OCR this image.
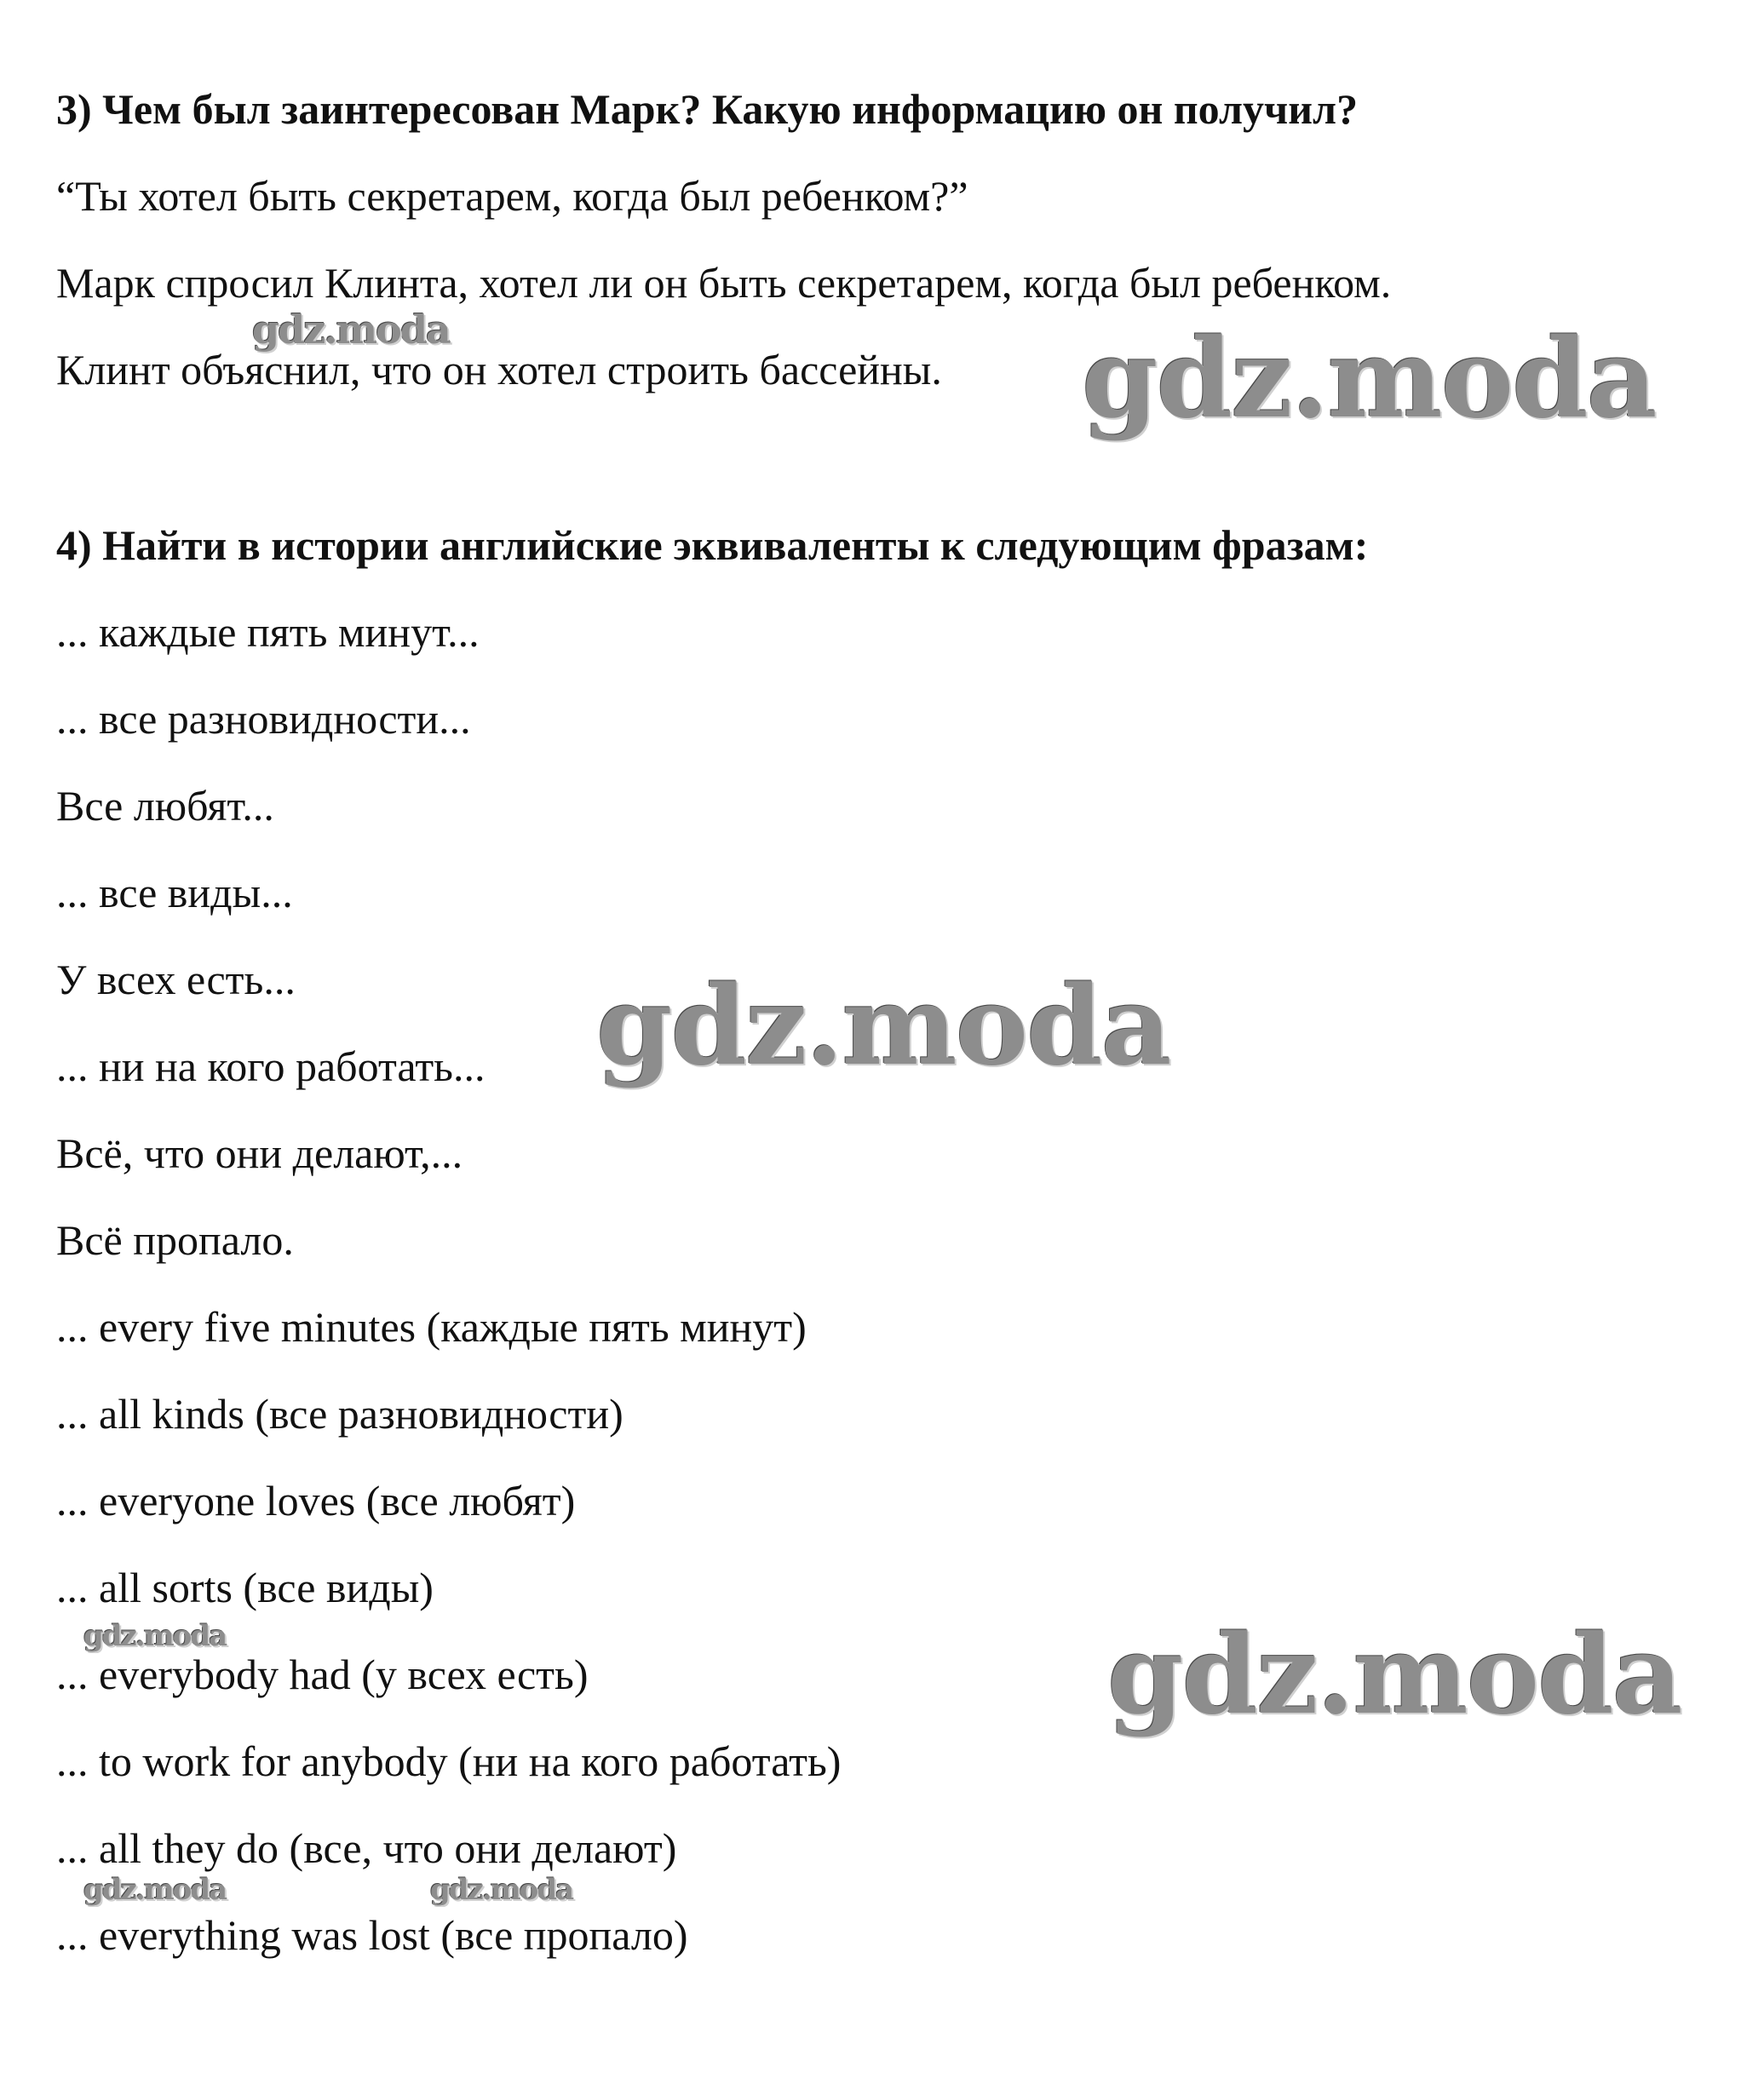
3) Чем был заинтересован Марк? Какую информацию он получил?
“Ты хотел быть секретарем, когда был ребенком?”
Марк спросил Клинта, хотел ли он быть секретарем, когда был ребенком.
Клинт объяснил, что он хотел строить бассейны.
4) Найти в истории английские эквиваленты к следующим фразам:
... каждые пять минут...
... все разновидности...
Все любят...
... все виды...
У всех есть...
... ни на кого работать...
Всё, что они делают,...
Всё пропало.
... every five minutes (каждые пять минут)
... all kinds (все разновидности)
... everyone loves (все любят)
... all sorts (все виды)
... everybody had (у всех есть)
... to work for anybody (ни на кого работать)
... all they do (все, что они делают)
... everything was lost (все пропало)
gdz.moda	gdz.moda
gdz.moda
gdz.moda	gdz.moda
gdz.moda	gdz.moda
